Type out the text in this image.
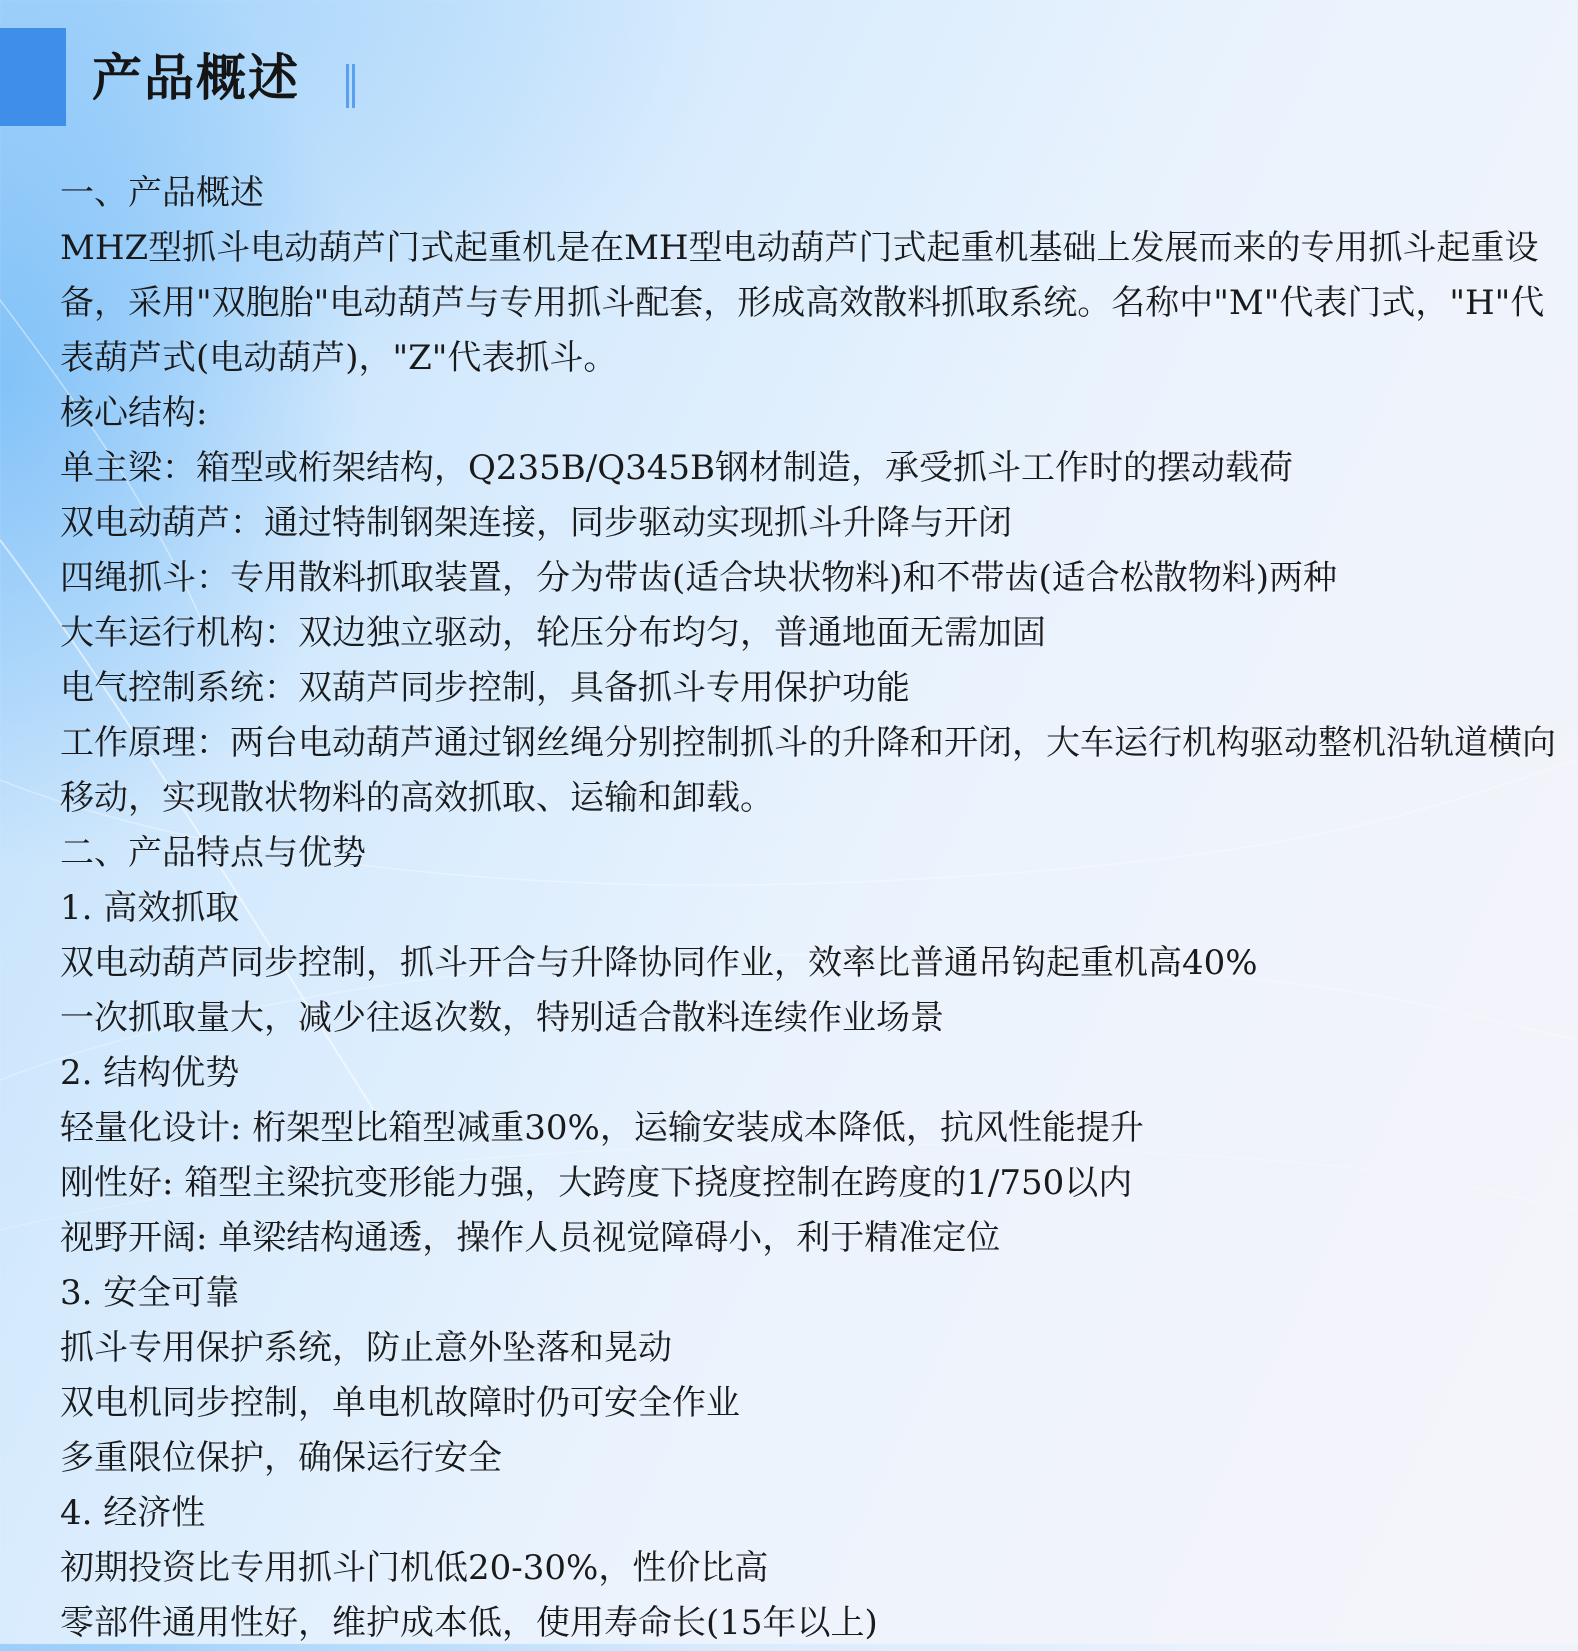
产品概述

一、产品概述

MHZ型抓斗电动葫芦门式起重机是在MH型电动葫芦门式起重机基础上发展而来的专用抓斗起重设备，采用"双胞胎"电动葫芦与专用抓斗配套，形成高效散料抓取系统。名称中"M"代表门式，"H"代表葫芦式(电动葫芦)，"Z"代表抓斗。

核心结构:

单主梁：箱型或桁架结构，Q235B/Q345B钢材制造，承受抓斗工作时的摆动载荷

双电动葫芦：通过特制钢架连接，同步驱动实现抓斗升降与开闭

四绳抓斗：专用散料抓取装置，分为带齿(适合块状物料)和不带齿(适合松散物料)两种

大车运行机构：双边独立驱动，轮压分布均匀，普通地面无需加固

电气控制系统：双葫芦同步控制，具备抓斗专用保护功能

工作原理：两台电动葫芦通过钢丝绳分别控制抓斗的升降和开闭，大车运行机构驱动整机沿轨道横向移动，实现散状物料的高效抓取、运输和卸载。

二、产品特点与优势

1. 高效抓取

双电动葫芦同步控制，抓斗开合与升降协同作业，效率比普通吊钩起重机高40%

一次抓取量大，减少往返次数，特别适合散料连续作业场景

2. 结构优势

轻量化设计: 桁架型比箱型减重30%，运输安装成本降低，抗风性能提升

刚性好: 箱型主梁抗变形能力强，大跨度下挠度控制在跨度的1/750以内

视野开阔: 单梁结构通透，操作人员视觉障碍小，利于精准定位

3. 安全可靠

抓斗专用保护系统，防止意外坠落和晃动

双电机同步控制，单电机故障时仍可安全作业

多重限位保护，确保运行安全

4. 经济性

初期投资比专用抓斗门机低20-30%，性价比高

零部件通用性好，维护成本低，使用寿命长(15年以上)
